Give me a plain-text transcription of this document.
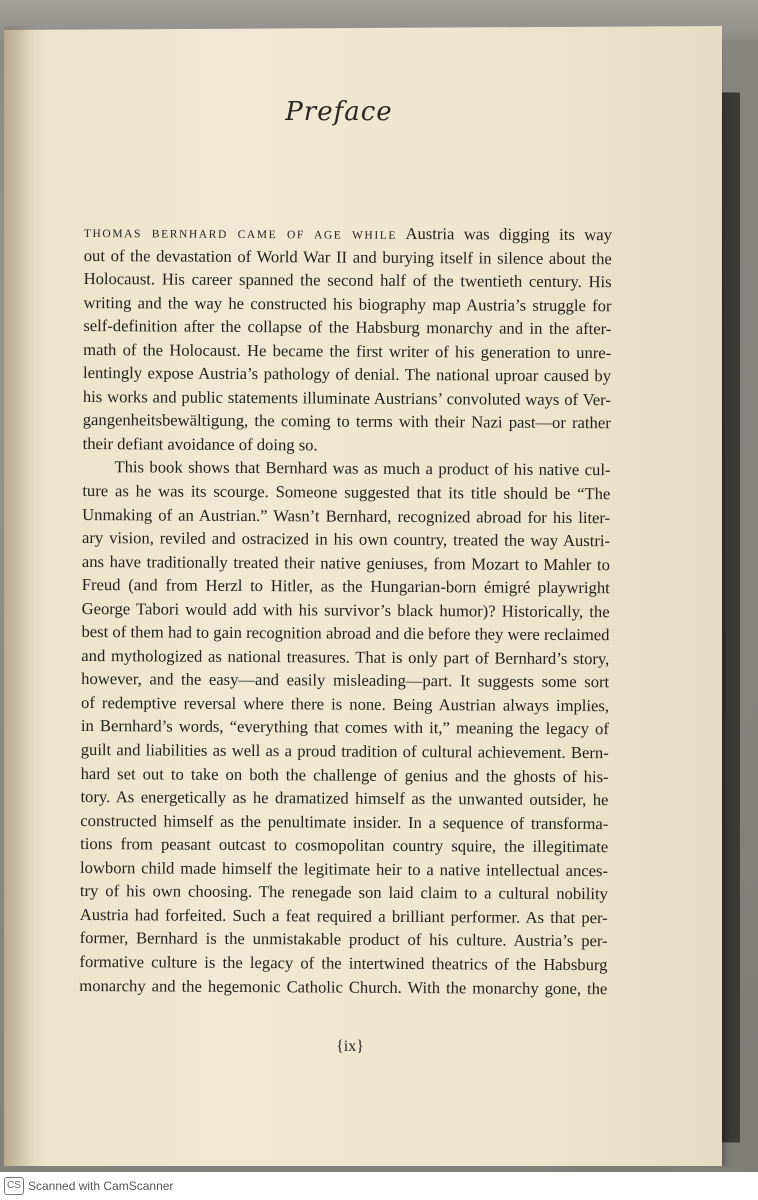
Preface
THOMAS BERNHARD CAME OF AGE WHILE Austria was digging its way
out of the devastation of World War II and burying itself in silence about the
Holocaust. His career spanned the second half of the twentieth century. His
writing and the way he constructed his biography map Austria’s struggle for
self-definition after the collapse of the Habsburg monarchy and in the after-
math of the Holocaust. He became the first writer of his generation to unre-
lentingly expose Austria’s pathology of denial. The national uproar caused by
his works and public statements illuminate Austrians’ convoluted ways of Ver-
gangenheitsbewältigung, the coming to terms with their Nazi past—or rather
their defiant avoidance of doing so.
This book shows that Bernhard was as much a product of his native cul-
ture as he was its scourge. Someone suggested that its title should be “The
Unmaking of an Austrian.” Wasn’t Bernhard, recognized abroad for his liter-
ary vision, reviled and ostracized in his own country, treated the way Austri-
ans have traditionally treated their native geniuses, from Mozart to Mahler to
Freud (and from Herzl to Hitler, as the Hungarian-born émigré playwright
George Tabori would add with his survivor’s black humor)? Historically, the
best of them had to gain recognition abroad and die before they were reclaimed
and mythologized as national treasures. That is only part of Bernhard’s story,
however, and the easy—and easily misleading—part. It suggests some sort
of redemptive reversal where there is none. Being Austrian always implies,
in Bernhard’s words, “everything that comes with it,” meaning the legacy of
guilt and liabilities as well as a proud tradition of cultural achievement. Bern-
hard set out to take on both the challenge of genius and the ghosts of his-
tory. As energetically as he dramatized himself as the unwanted outsider, he
constructed himself as the penultimate insider. In a sequence of transforma-
tions from peasant outcast to cosmopolitan country squire, the illegitimate
lowborn child made himself the legitimate heir to a native intellectual ances-
try of his own choosing. The renegade son laid claim to a cultural nobility
Austria had forfeited. Such a feat required a brilliant performer. As that per-
former, Bernhard is the unmistakable product of his culture. Austria’s per-
formative culture is the legacy of the intertwined theatrics of the Habsburg
monarchy and the hegemonic Catholic Church. With the monarchy gone, the
{ix}
CS Scanned with CamScanner
